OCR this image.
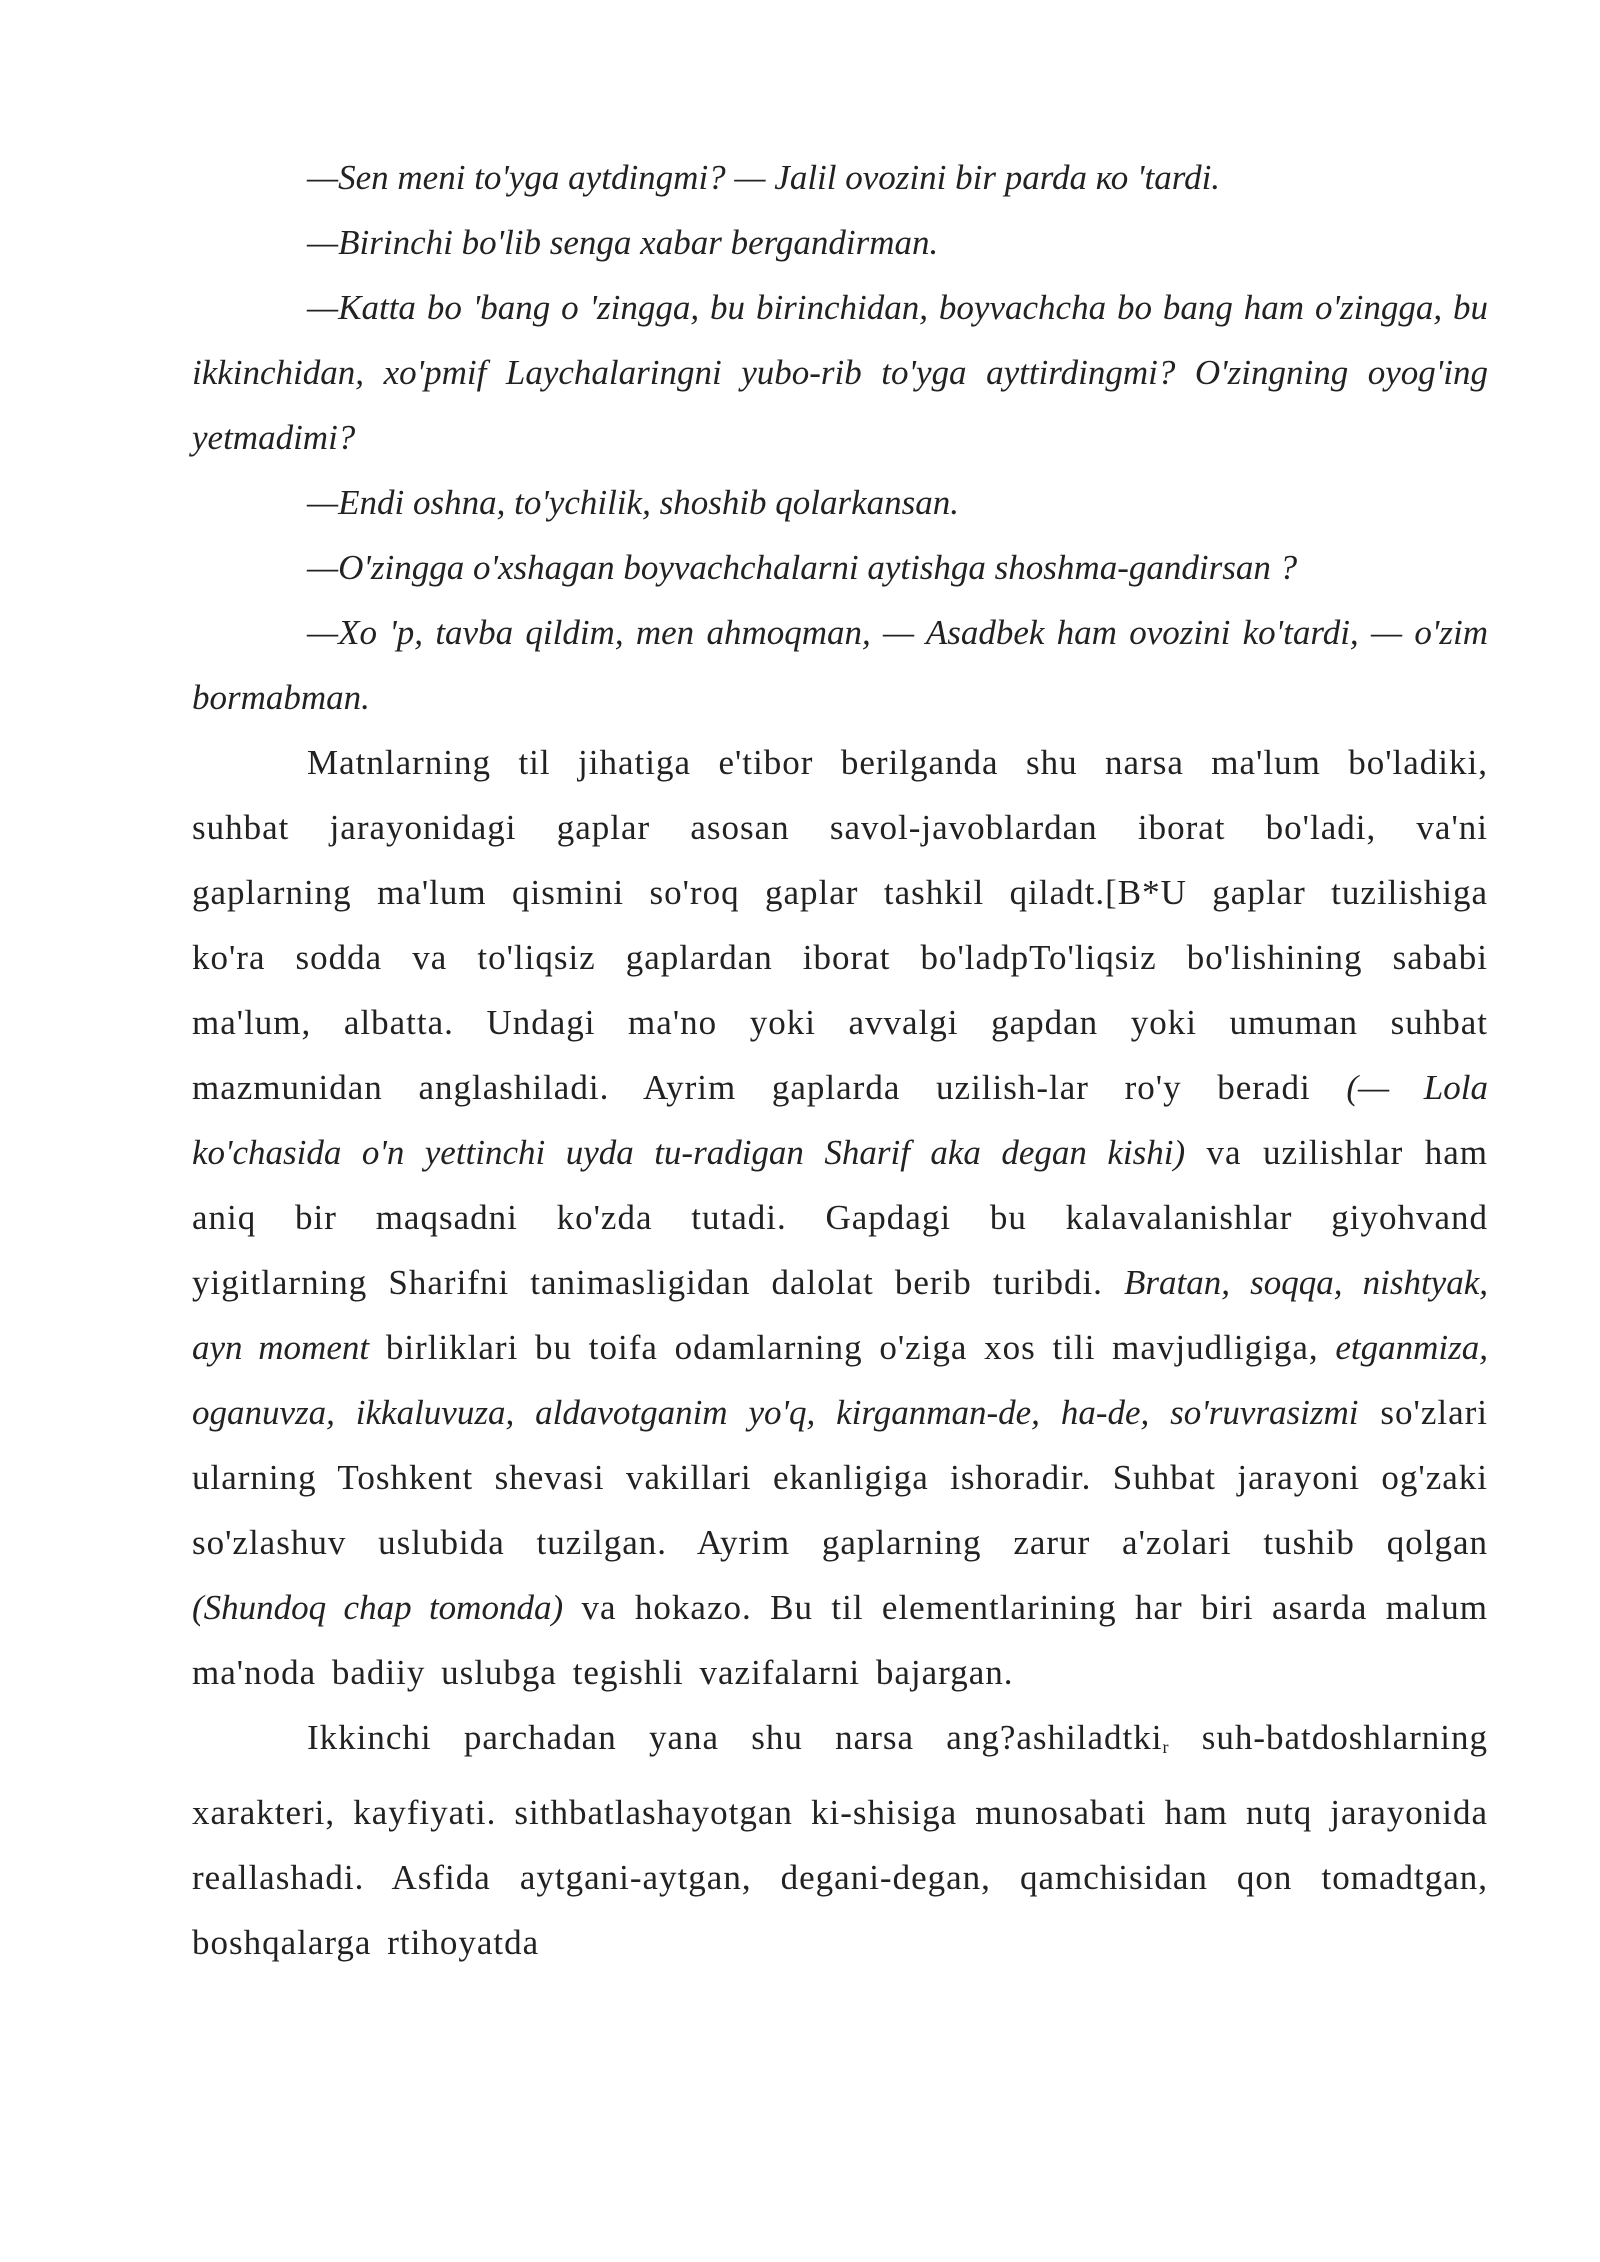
—Sen meni to'yga aytdingmi? — Jalil ovozini bir parda ко 'tardi.

—Birinchi bo'lib senga xabar bergandirman.

—Katta bo 'bang о 'zingga, bu birinchidan, boyvachcha bo bang ham o'zingga, bu ikkinchidan, xo'pmif Laychalaringni yubo-rib to'yga ayttirdingmi? O'zingning oyog'ing yetmadimi?

—Endi oshna, to'ychilik, shoshib qolarkansan.

—O'zingga o'xshagan boyvachchalarni aytishga shoshma-gandirsan ?

—Xo 'p, tavba qildim, men ahmoqman, — Asadbek ham ovozini ko'tardi, — o'zim bormabman.

Matnlarning til jihatiga e'tibor berilganda shu narsa ma'lum bo'ladiki, suhbat jarayonidagi gaplar asosan savol-javoblardan iborat bo'ladi, va'ni gaplarning ma'lum qismini so'roq gaplar tashkil qiladt.[B*U gaplar tuzilishiga ko'ra sodda va to'liqsiz gaplardan iborat bo'ladpTo'liqsiz bo'lishining sababi ma'lum, albatta. Undagi ma'no yoki avvalgi gapdan yoki umuman suhbat mazmunidan anglashiladi. Ayrim gaplarda uzilish-lar ro'y beradi (— Lola ko'chasida o'n yettinchi uyda tu-radigan Sharif aka degan kishi) va uzilishlar ham aniq bir maqsadni ko'zda tutadi. Gapdagi bu kalavalanishlar giyohvand yigitlarning Sharifni tanimasligidan dalolat berib turibdi. Bratan, soqqa, nishtyak, ayn moment birliklari bu toifa odamlarning o'ziga xos tili mavjudligiga, etganmiza, oganuvza, ikkaluvuza, aldavotganim yo'q, kirganman-de, ha-de, so'ruvrasizmi so'zlari ularning Toshkent shevasi vakillari ekanligiga ishoradir. Suhbat jarayoni og'zaki so'zlashuv uslubida tuzilgan. Ayrim gaplarning zarur a'zolari tushib qolgan (Shundoq chap tomonda) va hokazo. Bu til elementlarining har biri asarda malum ma'noda badiiy uslubga tegishli vazifalarni bajargan.

Ikkinchi parchadan yana shu narsa ang?ashiladtki$_r$ suh-batdoshlarning xarakteri, kayfiyati. sithbatlashayotgan ki-shisiga munosabati ham nutq jarayonida reallashadi. Asfida aytgani-aytgan, degani-degan, qamchisidan qon tomadtgan, boshqalarga rtihoyatda
